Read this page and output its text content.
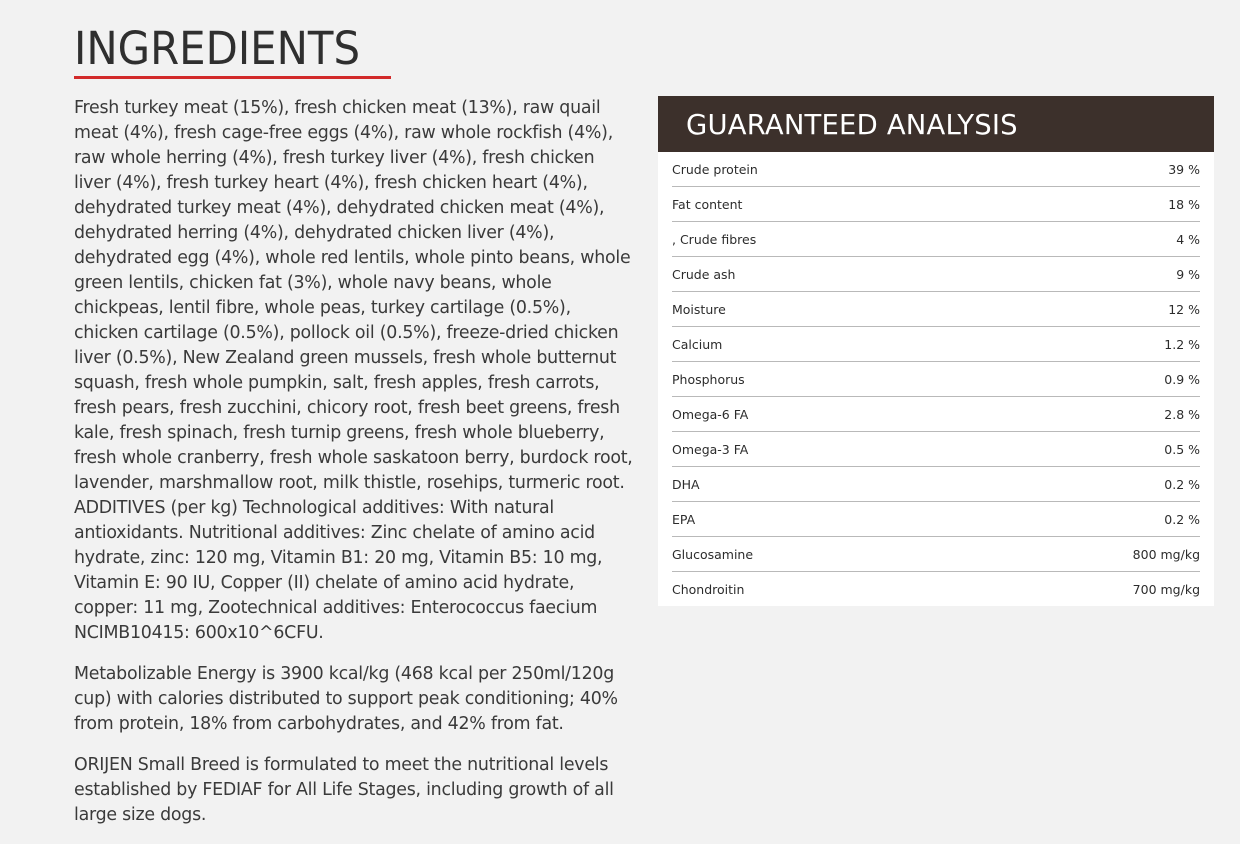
INGREDIENTS

Fresh turkey meat (15%), fresh chicken meat (13%), raw quail meat (4%), fresh cage-free eggs (4%), raw whole rockfish (4%), raw whole herring (4%), fresh turkey liver (4%), fresh chicken liver (4%), fresh turkey heart (4%), fresh chicken heart (4%), dehydrated turkey meat (4%), dehydrated chicken meat (4%), dehydrated herring (4%), dehydrated chicken liver (4%), dehydrated egg (4%), whole red lentils, whole pinto beans, whole green lentils, chicken fat (3%), whole navy beans, whole chickpeas, lentil fibre, whole peas, turkey cartilage (0.5%), chicken cartilage (0.5%), pollock oil (0.5%), freeze-dried chicken liver (0.5%), New Zealand green mussels, fresh whole butternut squash, fresh whole pumpkin, salt, fresh apples, fresh carrots, fresh pears, fresh zucchini, chicory root, fresh beet greens, fresh kale, fresh spinach, fresh turnip greens, fresh whole blueberry, fresh whole cranberry, fresh whole saskatoon berry, burdock root, lavender, marshmallow root, milk thistle, rosehips, turmeric root. ADDITIVES (per kg) Technological additives: With natural antioxidants. Nutritional additives: Zinc chelate of amino acid hydrate, zinc: 120 mg, Vitamin B1: 20 mg, Vitamin B5: 10 mg, Vitamin E: 90 IU, Copper (II) chelate of amino acid hydrate, copper: 11 mg, Zootechnical additives: Enterococcus faecium NCIMB10415: 600x10^6CFU.

Metabolizable Energy is 3900 kcal/kg (468 kcal per 250ml/120g cup) with calories distributed to support peak conditioning; 40% from protein, 18% from carbohydrates, and 42% from fat.

ORIJEN Small Breed is formulated to meet the nutritional levels established by FEDIAF for All Life Stages, including growth of all large size dogs.

GUARANTEED ANALYSIS
Crude protein	39 %
Fat content	18 %
, Crude fibres	4 %
Crude ash	9 %
Moisture	12 %
Calcium	1.2 %
Phosphorus	0.9 %
Omega-6 FA	2.8 %
Omega-3 FA	0.5 %
DHA	0.2 %
EPA	0.2 %
Glucosamine	800 mg/kg
Chondroitin	700 mg/kg
